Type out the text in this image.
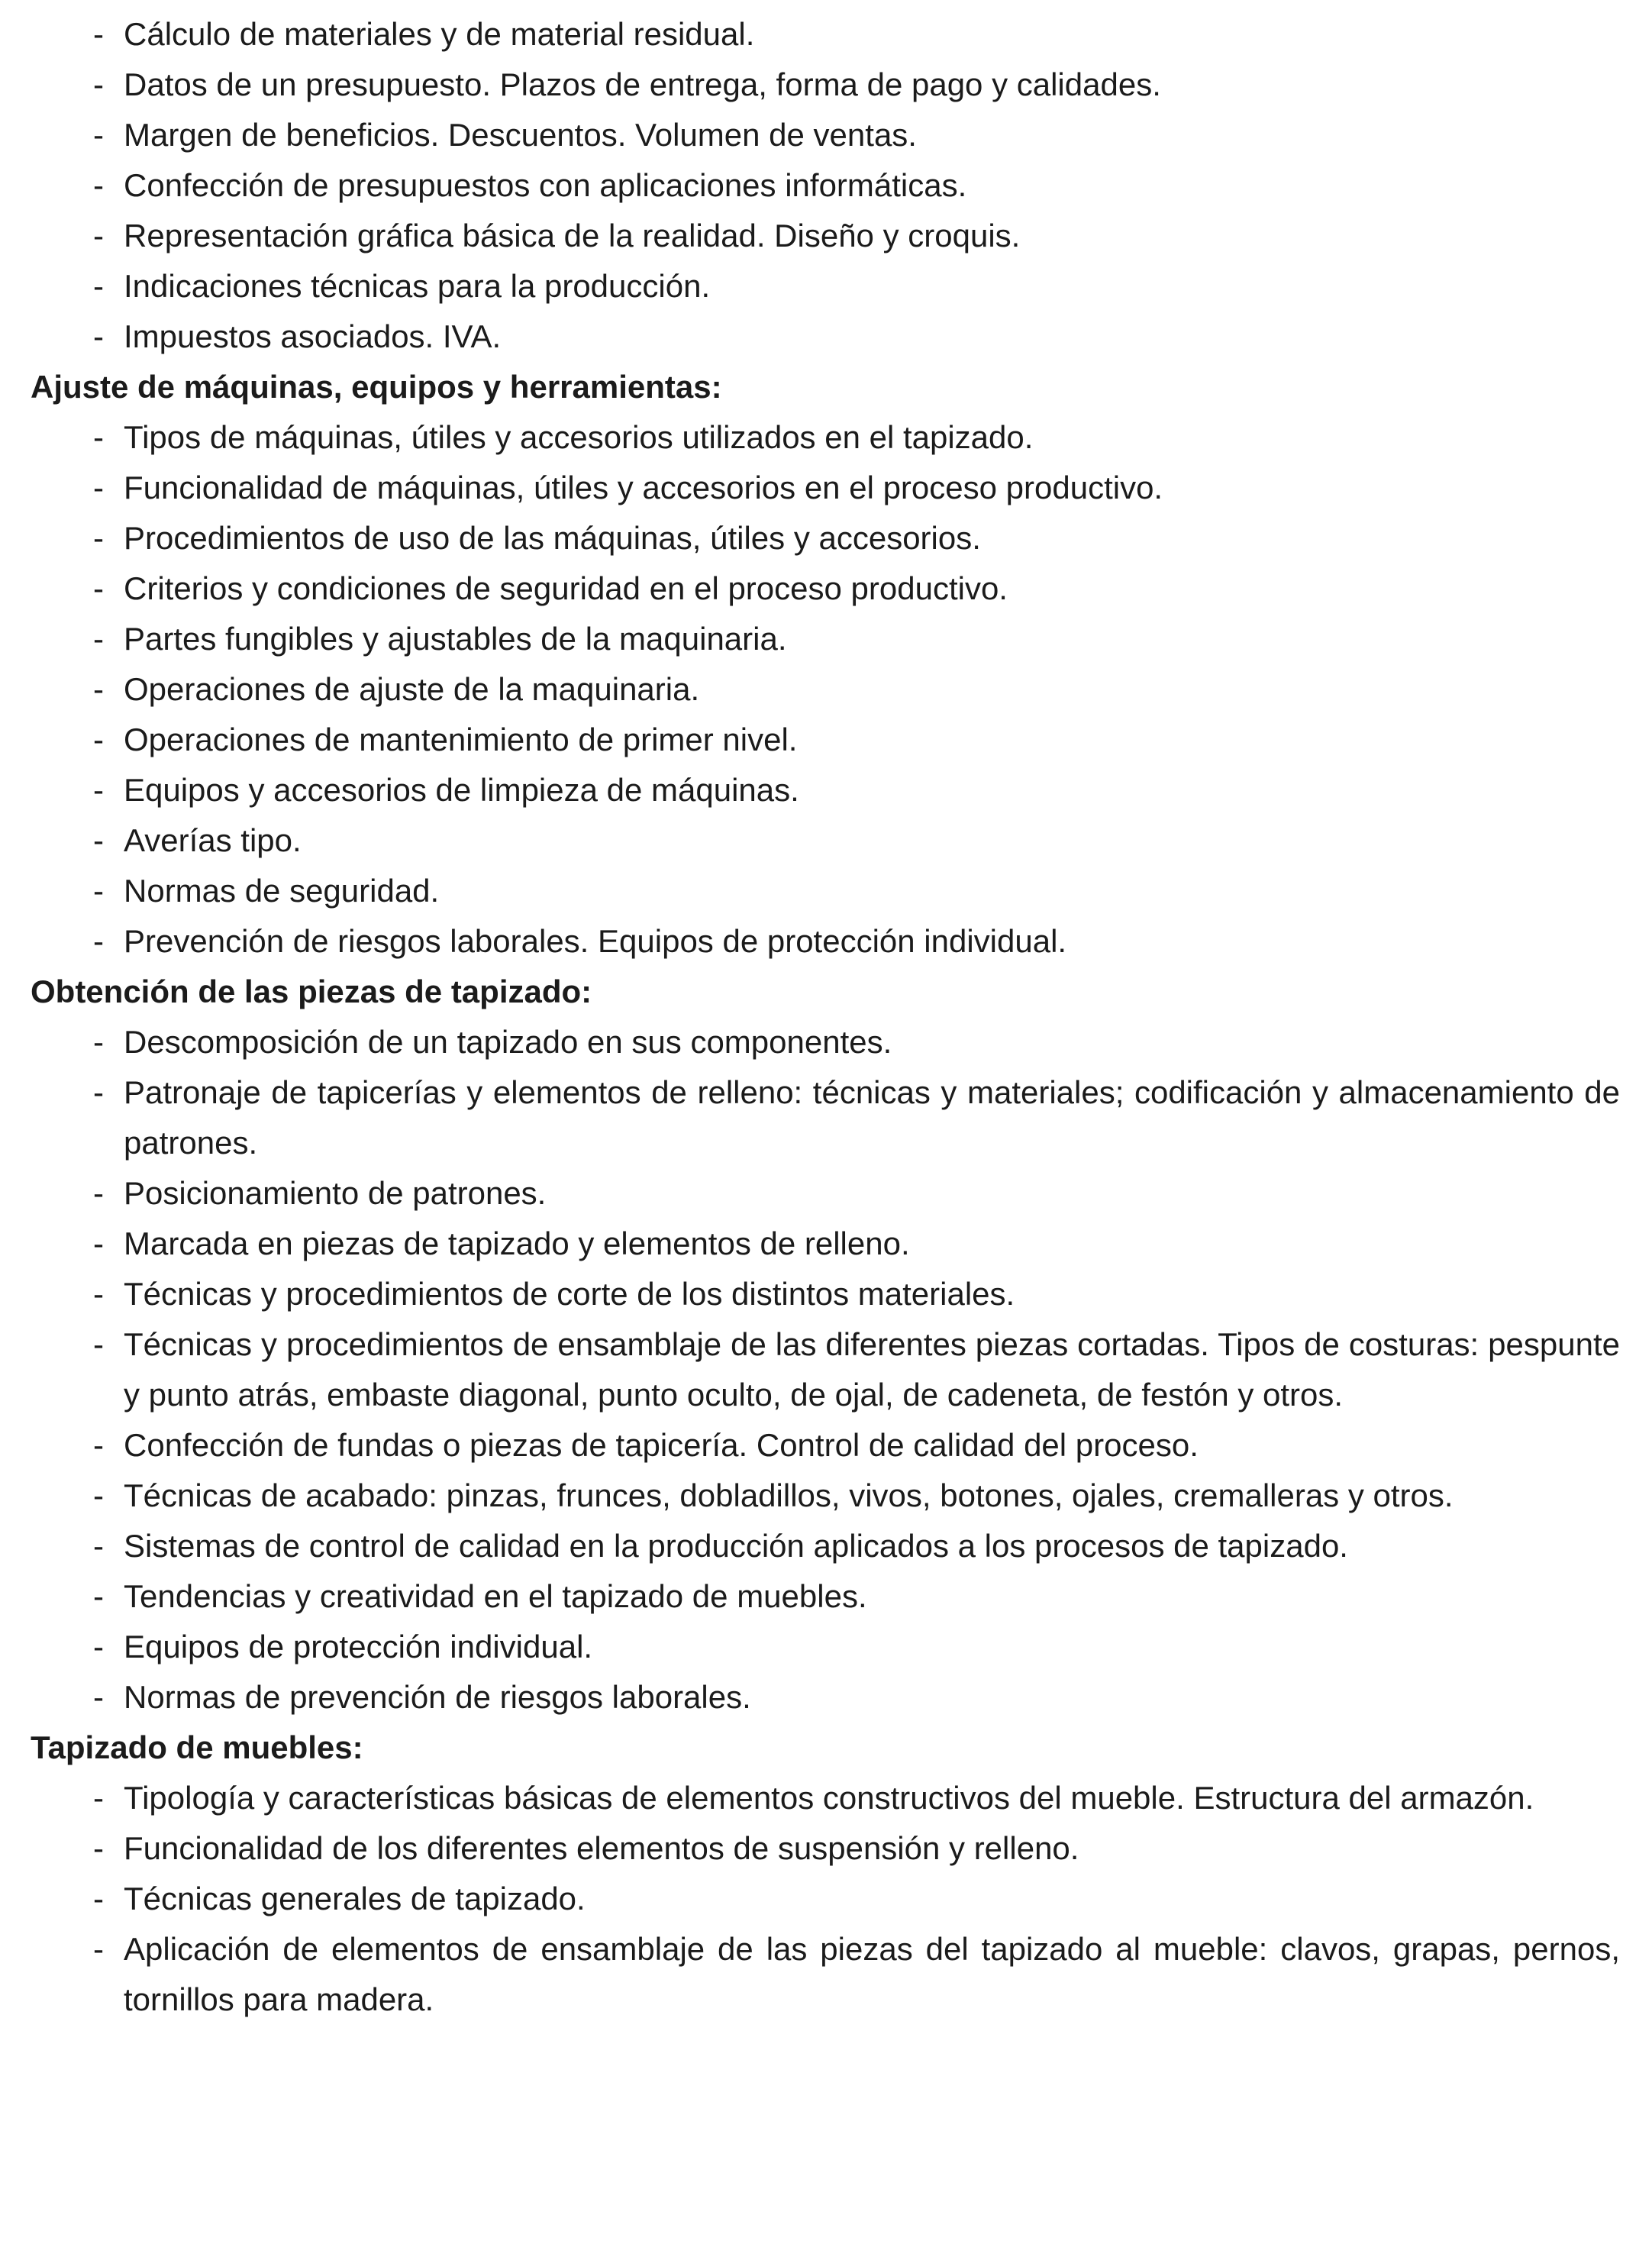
- Cálculo de materiales y de material residual.
- Datos de un presupuesto. Plazos de entrega, forma de pago y calidades.
- Margen de beneficios. Descuentos. Volumen de ventas.
- Confección de presupuestos con aplicaciones informáticas.
- Representación gráfica básica de la realidad. Diseño y croquis.
- Indicaciones técnicas para la producción.
- Impuestos asociados. IVA.
Ajuste de máquinas, equipos y herramientas:
- Tipos de máquinas, útiles y accesorios utilizados en el tapizado.
- Funcionalidad de máquinas, útiles y accesorios en el proceso productivo.
- Procedimientos de uso de las máquinas, útiles y accesorios.
- Criterios y condiciones de seguridad en el proceso productivo.
- Partes fungibles y ajustables de la maquinaria.
- Operaciones de ajuste de la maquinaria.
- Operaciones de mantenimiento de primer nivel.
- Equipos y accesorios de limpieza de máquinas.
- Averías tipo.
- Normas de seguridad.
- Prevención de riesgos laborales. Equipos de protección individual.
Obtención de las piezas de tapizado:
- Descomposición de un tapizado en sus componentes.
- Patronaje de tapicerías y elementos de relleno: técnicas y materiales; codificación y almacenamiento de patrones.
- Posicionamiento de patrones.
- Marcada en piezas de tapizado y elementos de relleno.
- Técnicas y procedimientos de corte de los distintos materiales.
- Técnicas y procedimientos de ensamblaje de las diferentes piezas cortadas. Tipos de costuras: pespunte y punto atrás, embaste diagonal, punto oculto, de ojal, de cadeneta, de festón y otros.
- Confección de fundas o piezas de tapicería. Control de calidad del proceso.
- Técnicas de acabado: pinzas, frunces, dobladillos, vivos, botones, ojales, cremalleras y otros.
- Sistemas de control de calidad en la producción aplicados a los procesos de tapizado.
- Tendencias y creatividad en el tapizado de muebles.
- Equipos de protección individual.
- Normas de prevención de riesgos laborales.
Tapizado de muebles:
- Tipología y características básicas de elementos constructivos del mueble. Estructura del armazón.
- Funcionalidad de los diferentes elementos de suspensión y relleno.
- Técnicas generales de tapizado.
- Aplicación de elementos de ensamblaje de las piezas del tapizado al mueble: clavos, grapas, pernos, tornillos para madera.
